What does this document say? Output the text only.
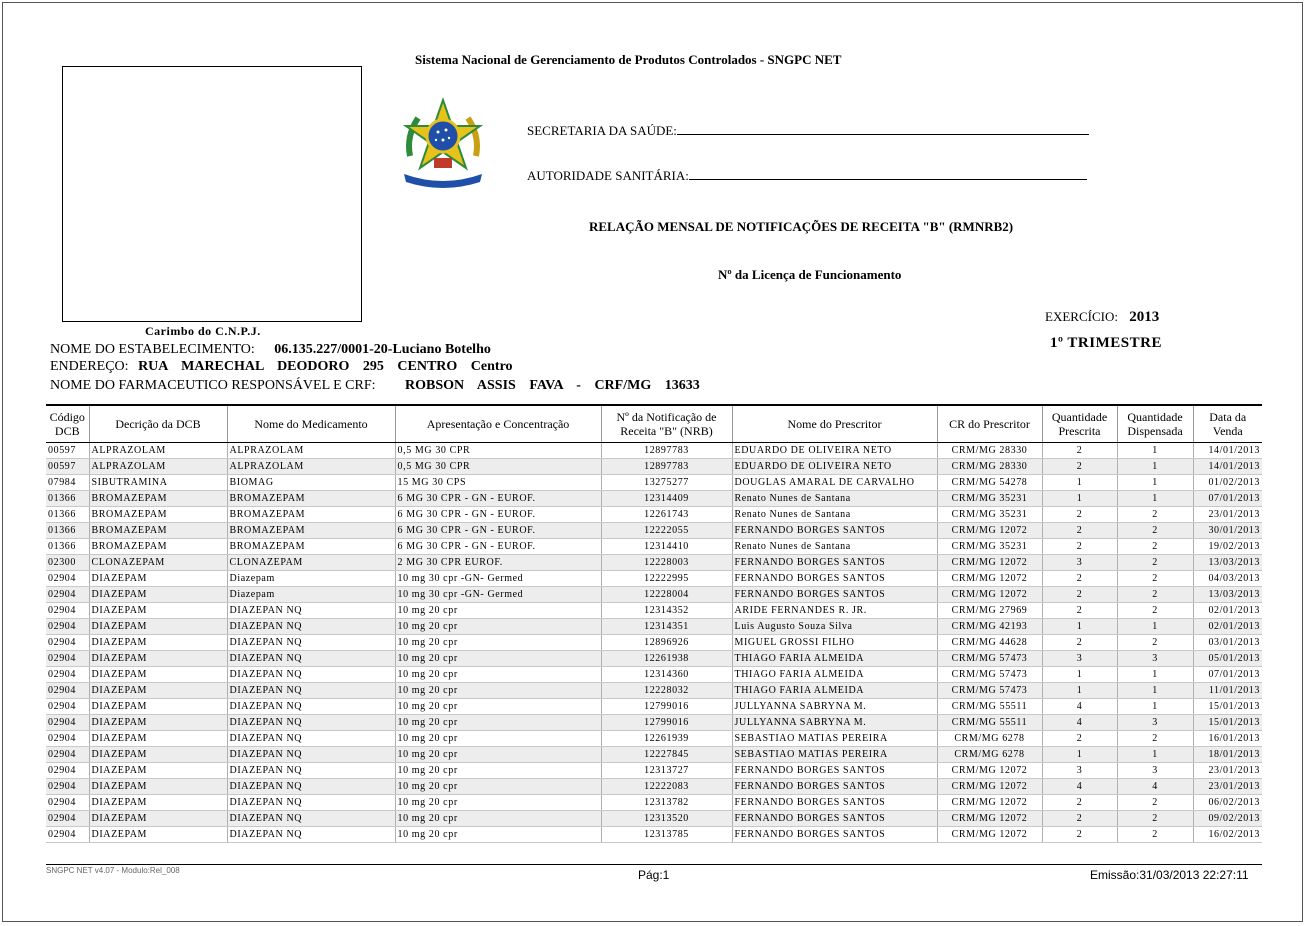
Sistema Nacional de Gerenciamento de Produtos Controlados - SNGPC NET
Carimbo do C.N.P.J.
SECRETARIA DA SAÚDE:
AUTORIDADE SANITÁRIA:
RELAÇÃO MENSAL DE NOTIFICAÇÕES DE RECEITA "B" (RMNRB2)
Nº da Licença de Funcionamento
EXERCÍCIO: 2013
1º TRIMESTRE
NOME DO ESTABELECIMENTO: 06.135.227/0001-20-Luciano Botelho
ENDEREÇO: RUA MARECHAL DEODORO 295 CENTRO Centro
NOME DO FARMACEUTICO RESPONSÁVEL E CRF: ROBSON ASSIS FAVA - CRF/MG 13633
Código DCB	Decrição da DCB	Nome do Medicamento	Apresentação e Concentração	Nº da Notificação de Receita "B" (NRB)	Nome do Prescritor	CR do Prescritor	Quantidade Prescrita	Quantidade Dispensada	Data da Venda
00597	ALPRAZOLAM	ALPRAZOLAM	0,5 MG 30 CPR	12897783	EDUARDO DE OLIVEIRA NETO	CRM/MG 28330	2	1	14/01/2013
00597	ALPRAZOLAM	ALPRAZOLAM	0,5 MG 30 CPR	12897783	EDUARDO DE OLIVEIRA NETO	CRM/MG 28330	2	1	14/01/2013
07984	SIBUTRAMINA	BIOMAG	15 MG 30 CPS	13275277	DOUGLAS AMARAL DE CARVALHO	CRM/MG 54278	1	1	01/02/2013
01366	BROMAZEPAM	BROMAZEPAM	6 MG 30 CPR - GN - EUROF.	12314409	Renato Nunes de Santana	CRM/MG 35231	1	1	07/01/2013
01366	BROMAZEPAM	BROMAZEPAM	6 MG 30 CPR - GN - EUROF.	12261743	Renato Nunes de Santana	CRM/MG 35231	2	2	23/01/2013
01366	BROMAZEPAM	BROMAZEPAM	6 MG 30 CPR - GN - EUROF.	12222055	FERNANDO BORGES SANTOS	CRM/MG 12072	2	2	30/01/2013
01366	BROMAZEPAM	BROMAZEPAM	6 MG 30 CPR - GN - EUROF.	12314410	Renato Nunes de Santana	CRM/MG 35231	2	2	19/02/2013
02300	CLONAZEPAM	CLONAZEPAM	2 MG 30 CPR EUROF.	12228003	FERNANDO BORGES SANTOS	CRM/MG 12072	3	2	13/03/2013
02904	DIAZEPAM	Diazepam	10 mg 30 cpr -GN- Germed	12222995	FERNANDO BORGES SANTOS	CRM/MG 12072	2	2	04/03/2013
02904	DIAZEPAM	Diazepam	10 mg 30 cpr -GN- Germed	12228004	FERNANDO BORGES SANTOS	CRM/MG 12072	2	2	13/03/2013
02904	DIAZEPAM	DIAZEPAN NQ	10 mg 20 cpr	12314352	ARIDE FERNANDES R. JR.	CRM/MG 27969	2	2	02/01/2013
02904	DIAZEPAM	DIAZEPAN NQ	10 mg 20 cpr	12314351	Luis Augusto Souza Silva	CRM/MG 42193	1	1	02/01/2013
02904	DIAZEPAM	DIAZEPAN NQ	10 mg 20 cpr	12896926	MIGUEL GROSSI FILHO	CRM/MG 44628	2	2	03/01/2013
02904	DIAZEPAM	DIAZEPAN NQ	10 mg 20 cpr	12261938	THIAGO FARIA ALMEIDA	CRM/MG 57473	3	3	05/01/2013
02904	DIAZEPAM	DIAZEPAN NQ	10 mg 20 cpr	12314360	THIAGO FARIA ALMEIDA	CRM/MG 57473	1	1	07/01/2013
02904	DIAZEPAM	DIAZEPAN NQ	10 mg 20 cpr	12228032	THIAGO FARIA ALMEIDA	CRM/MG 57473	1	1	11/01/2013
02904	DIAZEPAM	DIAZEPAN NQ	10 mg 20 cpr	12799016	JULLYANNA SABRYNA M.	CRM/MG 55511	4	1	15/01/2013
02904	DIAZEPAM	DIAZEPAN NQ	10 mg 20 cpr	12799016	JULLYANNA SABRYNA M.	CRM/MG 55511	4	3	15/01/2013
02904	DIAZEPAM	DIAZEPAN NQ	10 mg 20 cpr	12261939	SEBASTIAO MATIAS PEREIRA	CRM/MG 6278	2	2	16/01/2013
02904	DIAZEPAM	DIAZEPAN NQ	10 mg 20 cpr	12227845	SEBASTIAO MATIAS PEREIRA	CRM/MG 6278	1	1	18/01/2013
02904	DIAZEPAM	DIAZEPAN NQ	10 mg 20 cpr	12313727	FERNANDO BORGES SANTOS	CRM/MG 12072	3	3	23/01/2013
02904	DIAZEPAM	DIAZEPAN NQ	10 mg 20 cpr	12222083	FERNANDO BORGES SANTOS	CRM/MG 12072	4	4	23/01/2013
02904	DIAZEPAM	DIAZEPAN NQ	10 mg 20 cpr	12313782	FERNANDO BORGES SANTOS	CRM/MG 12072	2	2	06/02/2013
02904	DIAZEPAM	DIAZEPAN NQ	10 mg 20 cpr	12313520	FERNANDO BORGES SANTOS	CRM/MG 12072	2	2	09/02/2013
02904	DIAZEPAM	DIAZEPAN NQ	10 mg 20 cpr	12313785	FERNANDO BORGES SANTOS	CRM/MG 12072	2	2	16/02/2013
SNGPC NET v4.07 - Modulo:Rel_008	Pág:1	Emissão:31/03/2013 22:27:11
